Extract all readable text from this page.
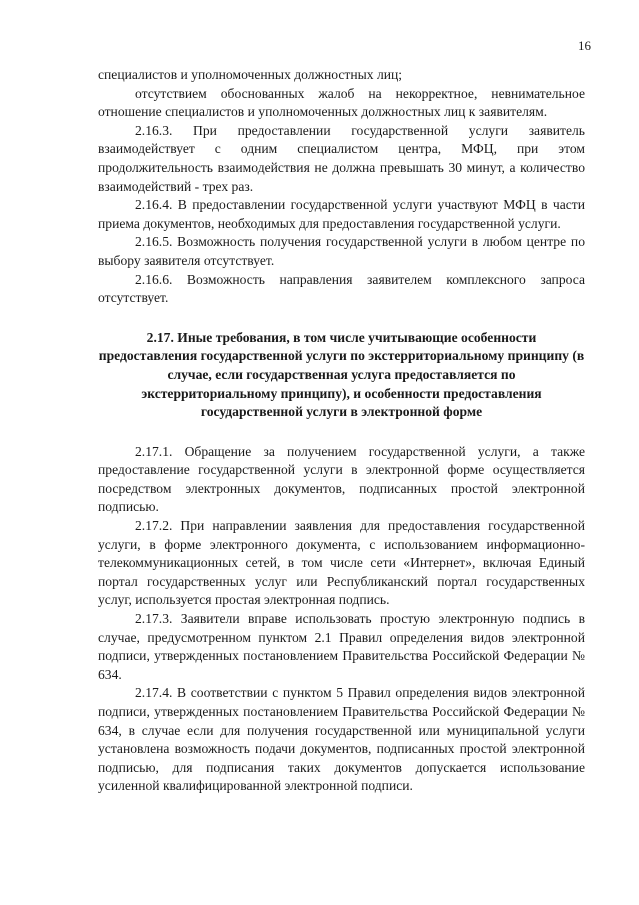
16

специалистов и уполномоченных должностных лиц;

отсутствием обоснованных жалоб на некорректное, невнимательное отношение специалистов и уполномоченных должностных лиц к заявителям.

2.16.3. При предоставлении государственной услуги заявитель взаимодействует с одним специалистом центра, МФЦ, при этом продолжительность взаимодействия не должна превышать 30 минут, а количество взаимодействий - трех раз.

2.16.4. В предоставлении государственной услуги участвуют МФЦ в части приема документов, необходимых для предоставления государственной услуги.

2.16.5. Возможность получения государственной услуги в любом центре по выбору заявителя отсутствует.

2.16.6. Возможность направления заявителем комплексного запроса отсутствует.

2.17. Иные требования, в том числе учитывающие особенности предоставления государственной услуги по экстерриториальному принципу (в случае, если государственная услуга предоставляется по экстерриториальному принципу), и особенности предоставления государственной услуги в электронной форме

2.17.1. Обращение за получением государственной услуги, а также предоставление государственной услуги в электронной форме осуществляется посредством электронных документов, подписанных простой электронной подписью.

2.17.2. При направлении заявления для предоставления государственной услуги, в форме электронного документа, с использованием информационно-телекоммуникационных сетей, в том числе сети «Интернет», включая Единый портал государственных услуг или Республиканский портал государственных услуг, используется простая электронная подпись.

2.17.3. Заявители вправе использовать простую электронную подпись в случае, предусмотренном пунктом 2.1 Правил определения видов электронной подписи, утвержденных постановлением Правительства Российской Федерации № 634.

2.17.4. В соответствии с пунктом 5 Правил определения видов электронной подписи, утвержденных постановлением Правительства Российской Федерации № 634, в случае если для получения государственной или муниципальной услуги установлена возможность подачи документов, подписанных простой электронной подписью, для подписания таких документов допускается использование усиленной квалифицированной электронной подписи.
